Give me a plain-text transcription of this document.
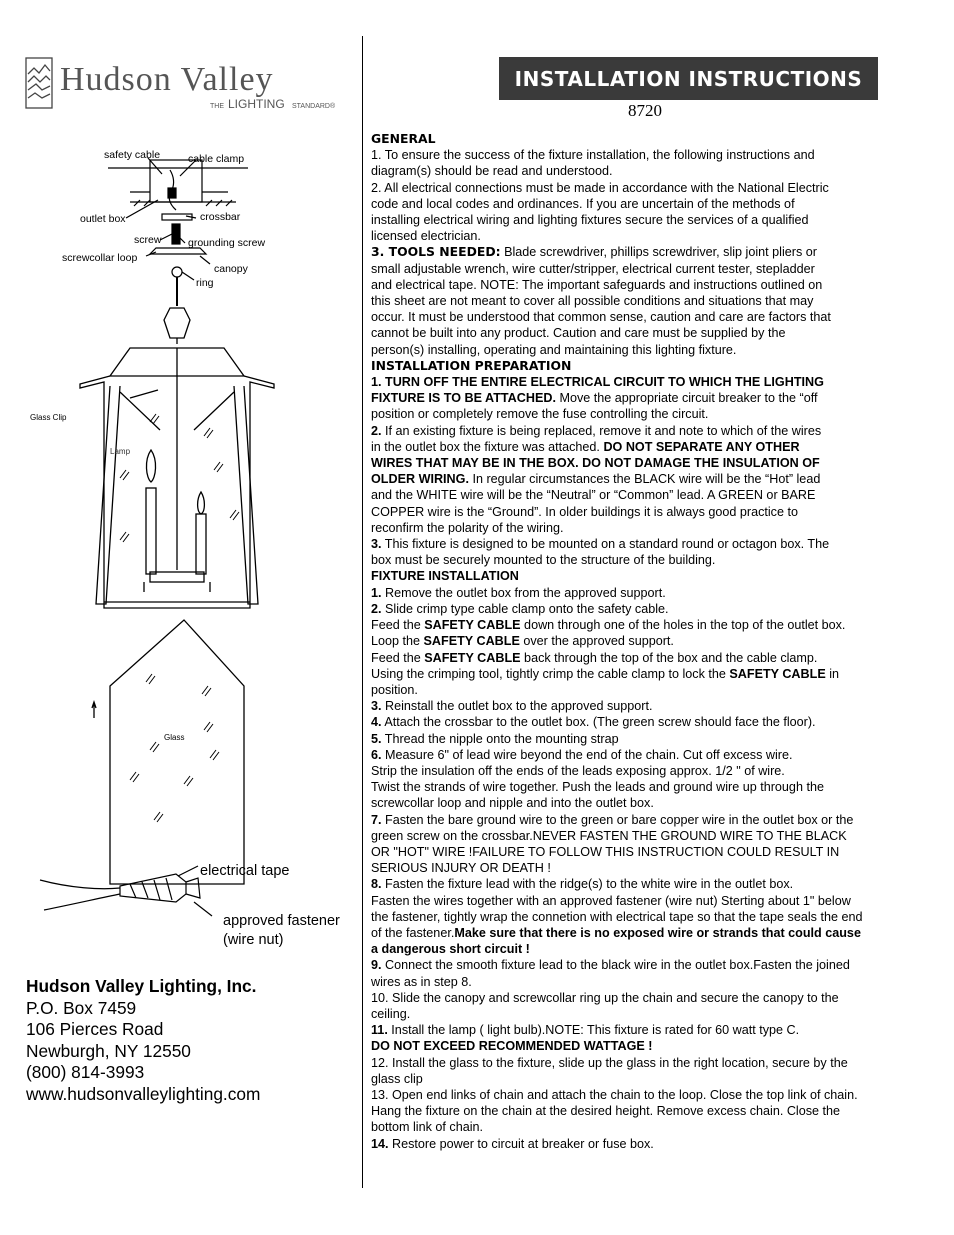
Hudson Valley
THE LIGHTING STANDARD®
INSTALLATION INSTRUCTIONS
8720
safety cable	cable clamp
outlet box	crossbar
screw	grounding screw
screwcollar loop
canopy
ring
Glass Clip
Lamp
Glass
electrical tape
approved fastener
(wire nut)

GENERAL

1. To ensure the success of the fixture installation, the following instructions and

diagram(s) should be read and understood.

2. All electrical connections must be made in accordance with the National Electric

code and local codes and ordinances. If you are uncertain of the methods of

installing electrical wiring and lighting fixtures secure the services of a qualified

licensed electrician.

3. TOOLS NEEDED: Blade screwdriver, phillips screwdriver, slip joint pliers or

small adjustable wrench, wire cutter/stripper, electrical current tester, stepladder

and electrical tape. NOTE: The important safeguards and instructions outlined on

this sheet are not meant to cover all possible conditions and situations that may

occur. It must be understood that common sense, caution and care are factors that

cannot be built into any product. Caution and care must be supplied by the

person(s) installing, operating and maintaining this lighting fixture.

INSTALLATION PREPARATION

1. TURN OFF THE ENTIRE ELECTRICAL CIRCUIT TO WHICH THE LIGHTING

FIXTURE IS TO BE ATTACHED. Move the appropriate circuit breaker to the “off

position or completely remove the fuse controlling the circuit.

2. If an existing fixture is being replaced, remove it and note to which of the wires

in the outlet box the fixture was attached. DO NOT SEPARATE ANY OTHER

WIRES THAT MAY BE IN THE BOX. DO NOT DAMAGE THE INSULATION OF

OLDER WIRING. In regular circumstances the BLACK wire will be the “Hot” lead

and the WHITE wire will be the “Neutral” or “Common” lead. A GREEN or BARE

COPPER wire is the “Ground”. In older buildings it is always good practice to

reconfirm the polarity of the wiring.

3. This fixture is designed to be mounted on a standard round or octagon box. The

box must be securely mounted to the structure of the building.

FIXTURE INSTALLATION

1. Remove the outlet box from the approved support.

2. Slide crimp type cable clamp onto the safety cable.

Feed the SAFETY CABLE down through one of the holes in the top of the outlet box.

Loop the SAFETY CABLE over the approved support.

Feed the SAFETY CABLE back through the top of the box and the cable clamp.

Using the crimping tool, tightly crimp the cable clamp to lock the SAFETY CABLE in

position.

3. Reinstall the outlet box to the approved support.

4. Attach the crossbar to the outlet box. (The green screw should face the floor).

5. Thread the nipple onto the mounting strap

6. Measure 6" of lead wire beyond the end of the chain. Cut off excess wire.

Strip the insulation off the ends of the leads exposing approx. 1/2 " of wire.

Twist the strands of wire together. Push the leads and ground wire up through the

screwcollar loop and nipple and into the outlet box.

7. Fasten the bare ground wire to the green or bare copper wire in the outlet box or the

green screw on the crossbar.NEVER FASTEN THE GROUND WIRE TO THE BLACK

OR "HOT" WIRE !FAILURE TO FOLLOW THIS INSTRUCTION COULD RESULT IN

SERIOUS INJURY OR DEATH !

8. Fasten the fixture lead with the ridge(s) to the white wire in the outlet box.

Fasten the wires together with an approved fastener (wire nut) Sterting about 1" below

the fastener, tightly wrap the connetion with electrical tape so that the tape seals the end

of the fastener.Make sure that there is no exposed wire or strands that could cause

a dangerous short circuit !

9. Connect the smooth fixture lead to the black wire in the outlet box.Fasten the joined

wires as in step 8.

10. Slide the canopy and screwcollar ring up the chain and secure the canopy to the

ceiling.

11. Install the lamp ( light bulb).NOTE: This fixture is rated for 60 watt type C.

DO NOT EXCEED RECOMMENDED WATTAGE !

12. Install the glass to the fixture, slide up the glass in the right location, secure by the

glass clip

13. Open end links of chain and attach the chain to the loop. Close the top link of chain.

Hang the fixture on the chain at the desired height. Remove excess chain. Close the

bottom link of chain.

14. Restore power to circuit at breaker or fuse box.

Hudson Valley Lighting, Inc.
P.O. Box 7459
106 Pierces Road
Newburgh, NY 12550
(800) 814-3993
www.hudsonvalleylighting.com
